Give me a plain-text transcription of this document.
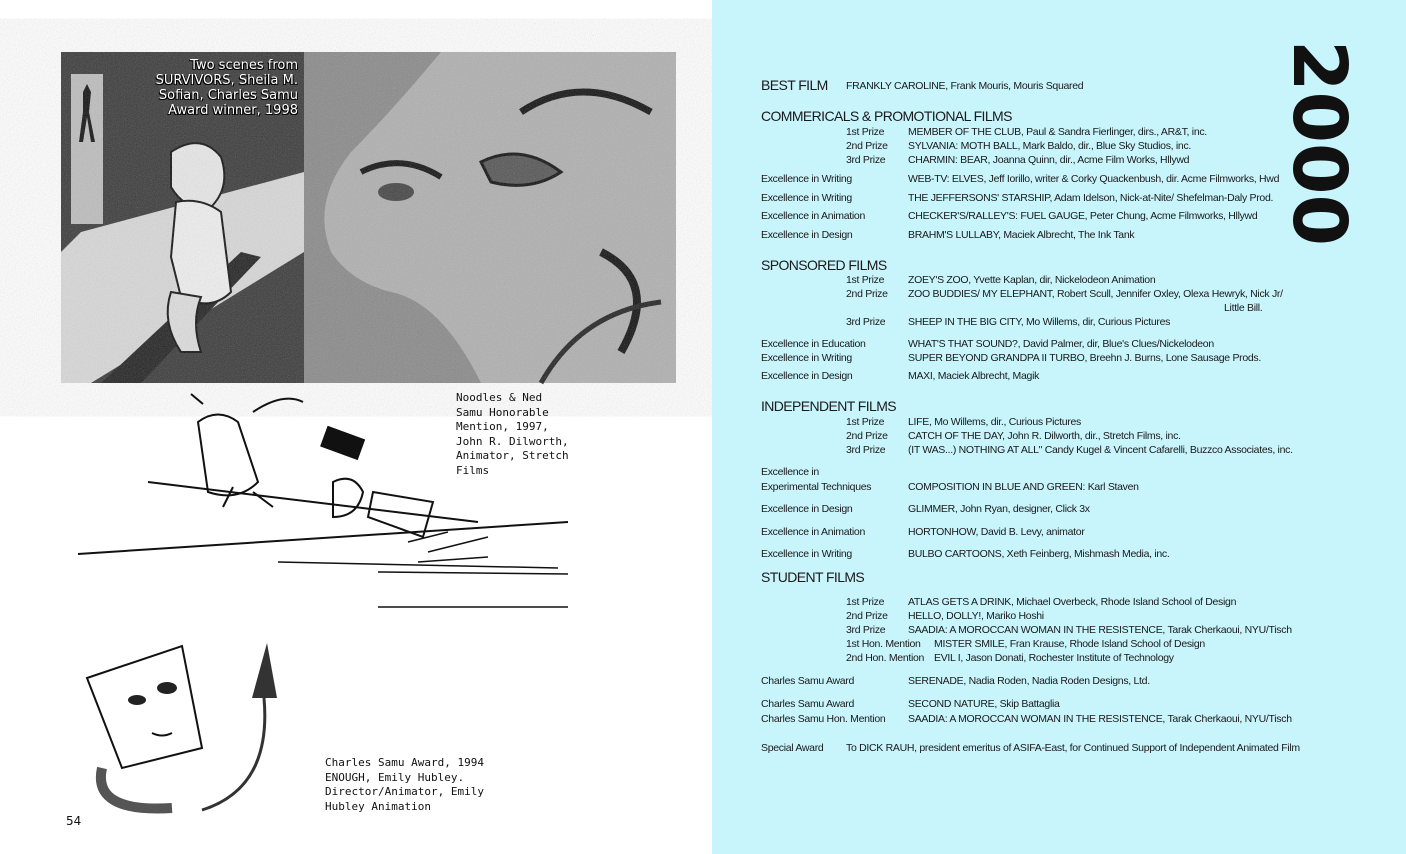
Two scenes from SURVIVORS, Sheila M. Sofian, Charles Samu Award winner, 1998
Noodles & Ned
Samu Honorable
Mention, 1997,
John R. Dilworth,
Animator, Stretch
Films
Charles Samu Award, 1994
ENOUGH, Emily Hubley.
Director/Animator, Emily
Hubley Animation
54
2000
BEST FILM FRANKLY CAROLINE, Frank Mouris, Mouris Squared
COMMERICALS & PROMOTIONAL FILMS
1st Prize MEMBER OF THE CLUB, Paul & Sandra Fierlinger, dirs., AR&T, inc.
2nd Prize SYLVANIA: MOTH BALL, Mark Baldo, dir., Blue Sky Studios, inc.
3rd Prize CHARMIN: BEAR, Joanna Quinn, dir., Acme Film Works, Hllywd
Excellence in Writing	WEB-TV: ELVES, Jeff Iorillo, writer & Corky Quackenbush, dir. Acme Filmworks, Hwd
Excellence in Writing	THE JEFFERSONS' STARSHIP, Adam Idelson, Nick-at-Nite/ Shefelman-Daly Prod.
Excellence in Animation	CHECKER'S/RALLEY'S: FUEL GAUGE, Peter Chung, Acme Filmworks, Hllywd
Excellence in Design	BRAHM'S LULLABY, Maciek Albrecht, The Ink Tank
SPONSORED FILMS
1st Prize ZOEY'S ZOO, Yvette Kaplan, dir, Nickelodeon Animation
2nd Prize ZOO BUDDIES/ MY ELEPHANT, Robert Scull, Jennifer Oxley, Olexa Hewryk, Nick Jr/
Little Bill.
3rd Prize SHEEP IN THE BIG CITY, Mo Willems, dir, Curious Pictures
Excellence in Education	WHAT'S THAT SOUND?, David Palmer, dir, Blue's Clues/Nickelodeon
Excellence in Writing	SUPER BEYOND GRANDPA II TURBO, Breehn J. Burns, Lone Sausage Prods.
Excellence in Design	MAXI, Maciek Albrecht, Magik
INDEPENDENT FILMS
1st Prize LIFE, Mo Willems, dir., Curious Pictures
2nd Prize CATCH OF THE DAY, John R. Dilworth, dir., Stretch Films, inc.
3rd Prize (IT WAS...) NOTHING AT ALL" Candy Kugel & Vincent Cafarelli, Buzzco Associates, inc.
Excellence in
Experimental Techniques	COMPOSITION IN BLUE AND GREEN: Karl Staven
Excellence in Design	GLIMMER, John Ryan, designer, Click 3x
Excellence in Animation	HORTONHOW, David B. Levy, animator
Excellence in Writing	BULBO CARTOONS, Xeth Feinberg, Mishmash Media, inc.
STUDENT FILMS
1st Prize ATLAS GETS A DRINK, Michael Overbeck, Rhode Island School of Design
2nd Prize HELLO, DOLLY!, Mariko Hoshi
3rd Prize SAADIA: A MOROCCAN WOMAN IN THE RESISTENCE, Tarak Cherkaoui, NYU/Tisch
1st Hon. Mention MISTER SMILE, Fran Krause, Rhode Island School of Design
2nd Hon. Mention EVIL I, Jason Donati, Rochester Institute of Technology
Charles Samu Award	SERENADE, Nadia Roden, Nadia Roden Designs, Ltd.
Charles Samu Award	SECOND NATURE, Skip Battaglia
Charles Samu Hon. Mention SAADIA: A MOROCCAN WOMAN IN THE RESISTENCE, Tarak Cherkaoui, NYU/Tisch
Special Award To DICK RAUH, president emeritus of ASIFA-East, for Continued Support of Independent Animated Film
